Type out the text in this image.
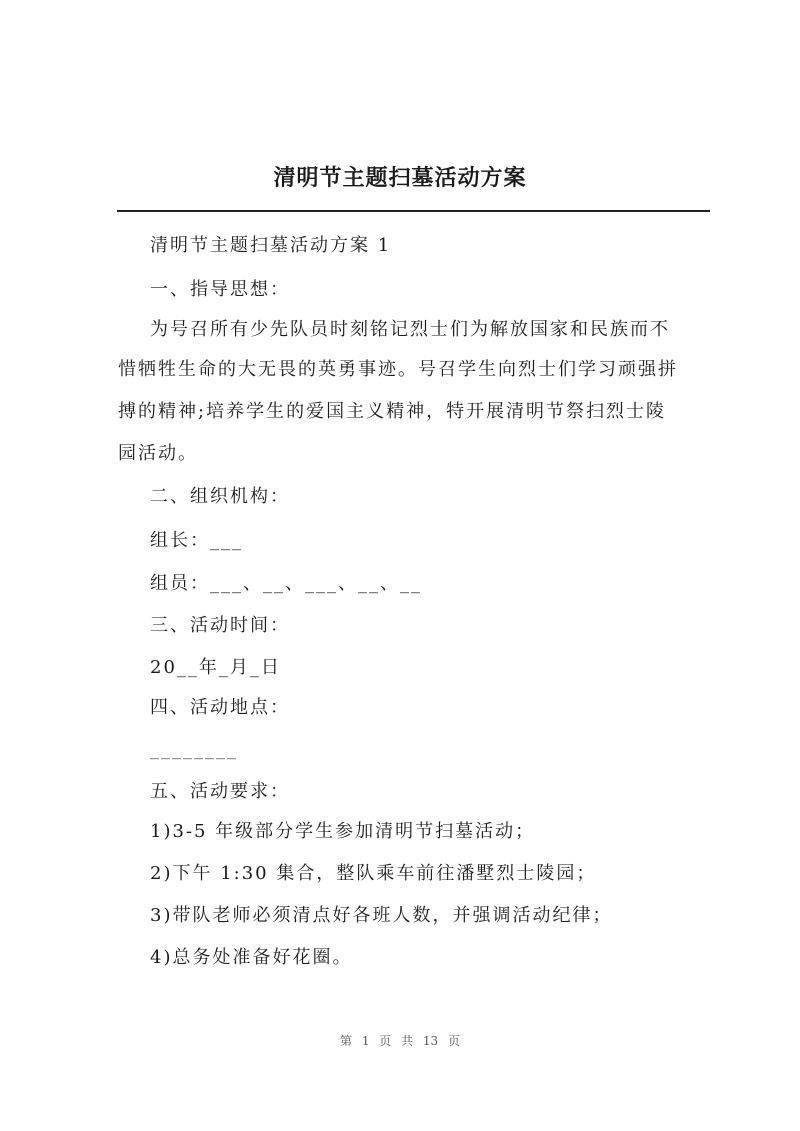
清明节主题扫墓活动方案
清明节主题扫墓活动方案 1
一、指导思想：
为号召所有少先队员时刻铭记烈士们为解放国家和民族而不
惜牺牲生命的大无畏的英勇事迹。号召学生向烈士们学习顽强拼
搏的精神;培养学生的爱国主义精神，特开展清明节祭扫烈士陵
园活动。
二、组织机构：
组长：___
组员：___、__、___、__、__
三、活动时间：
20__年_月_日
四、活动地点：
________
五、活动要求：
1)3-5 年级部分学生参加清明节扫墓活动；
2)下午 1:30 集合，整队乘车前往潘墅烈士陵园；
3)带队老师必须清点好各班人数，并强调活动纪律；
4)总务处准备好花圈。
第 1 页 共 13 页
